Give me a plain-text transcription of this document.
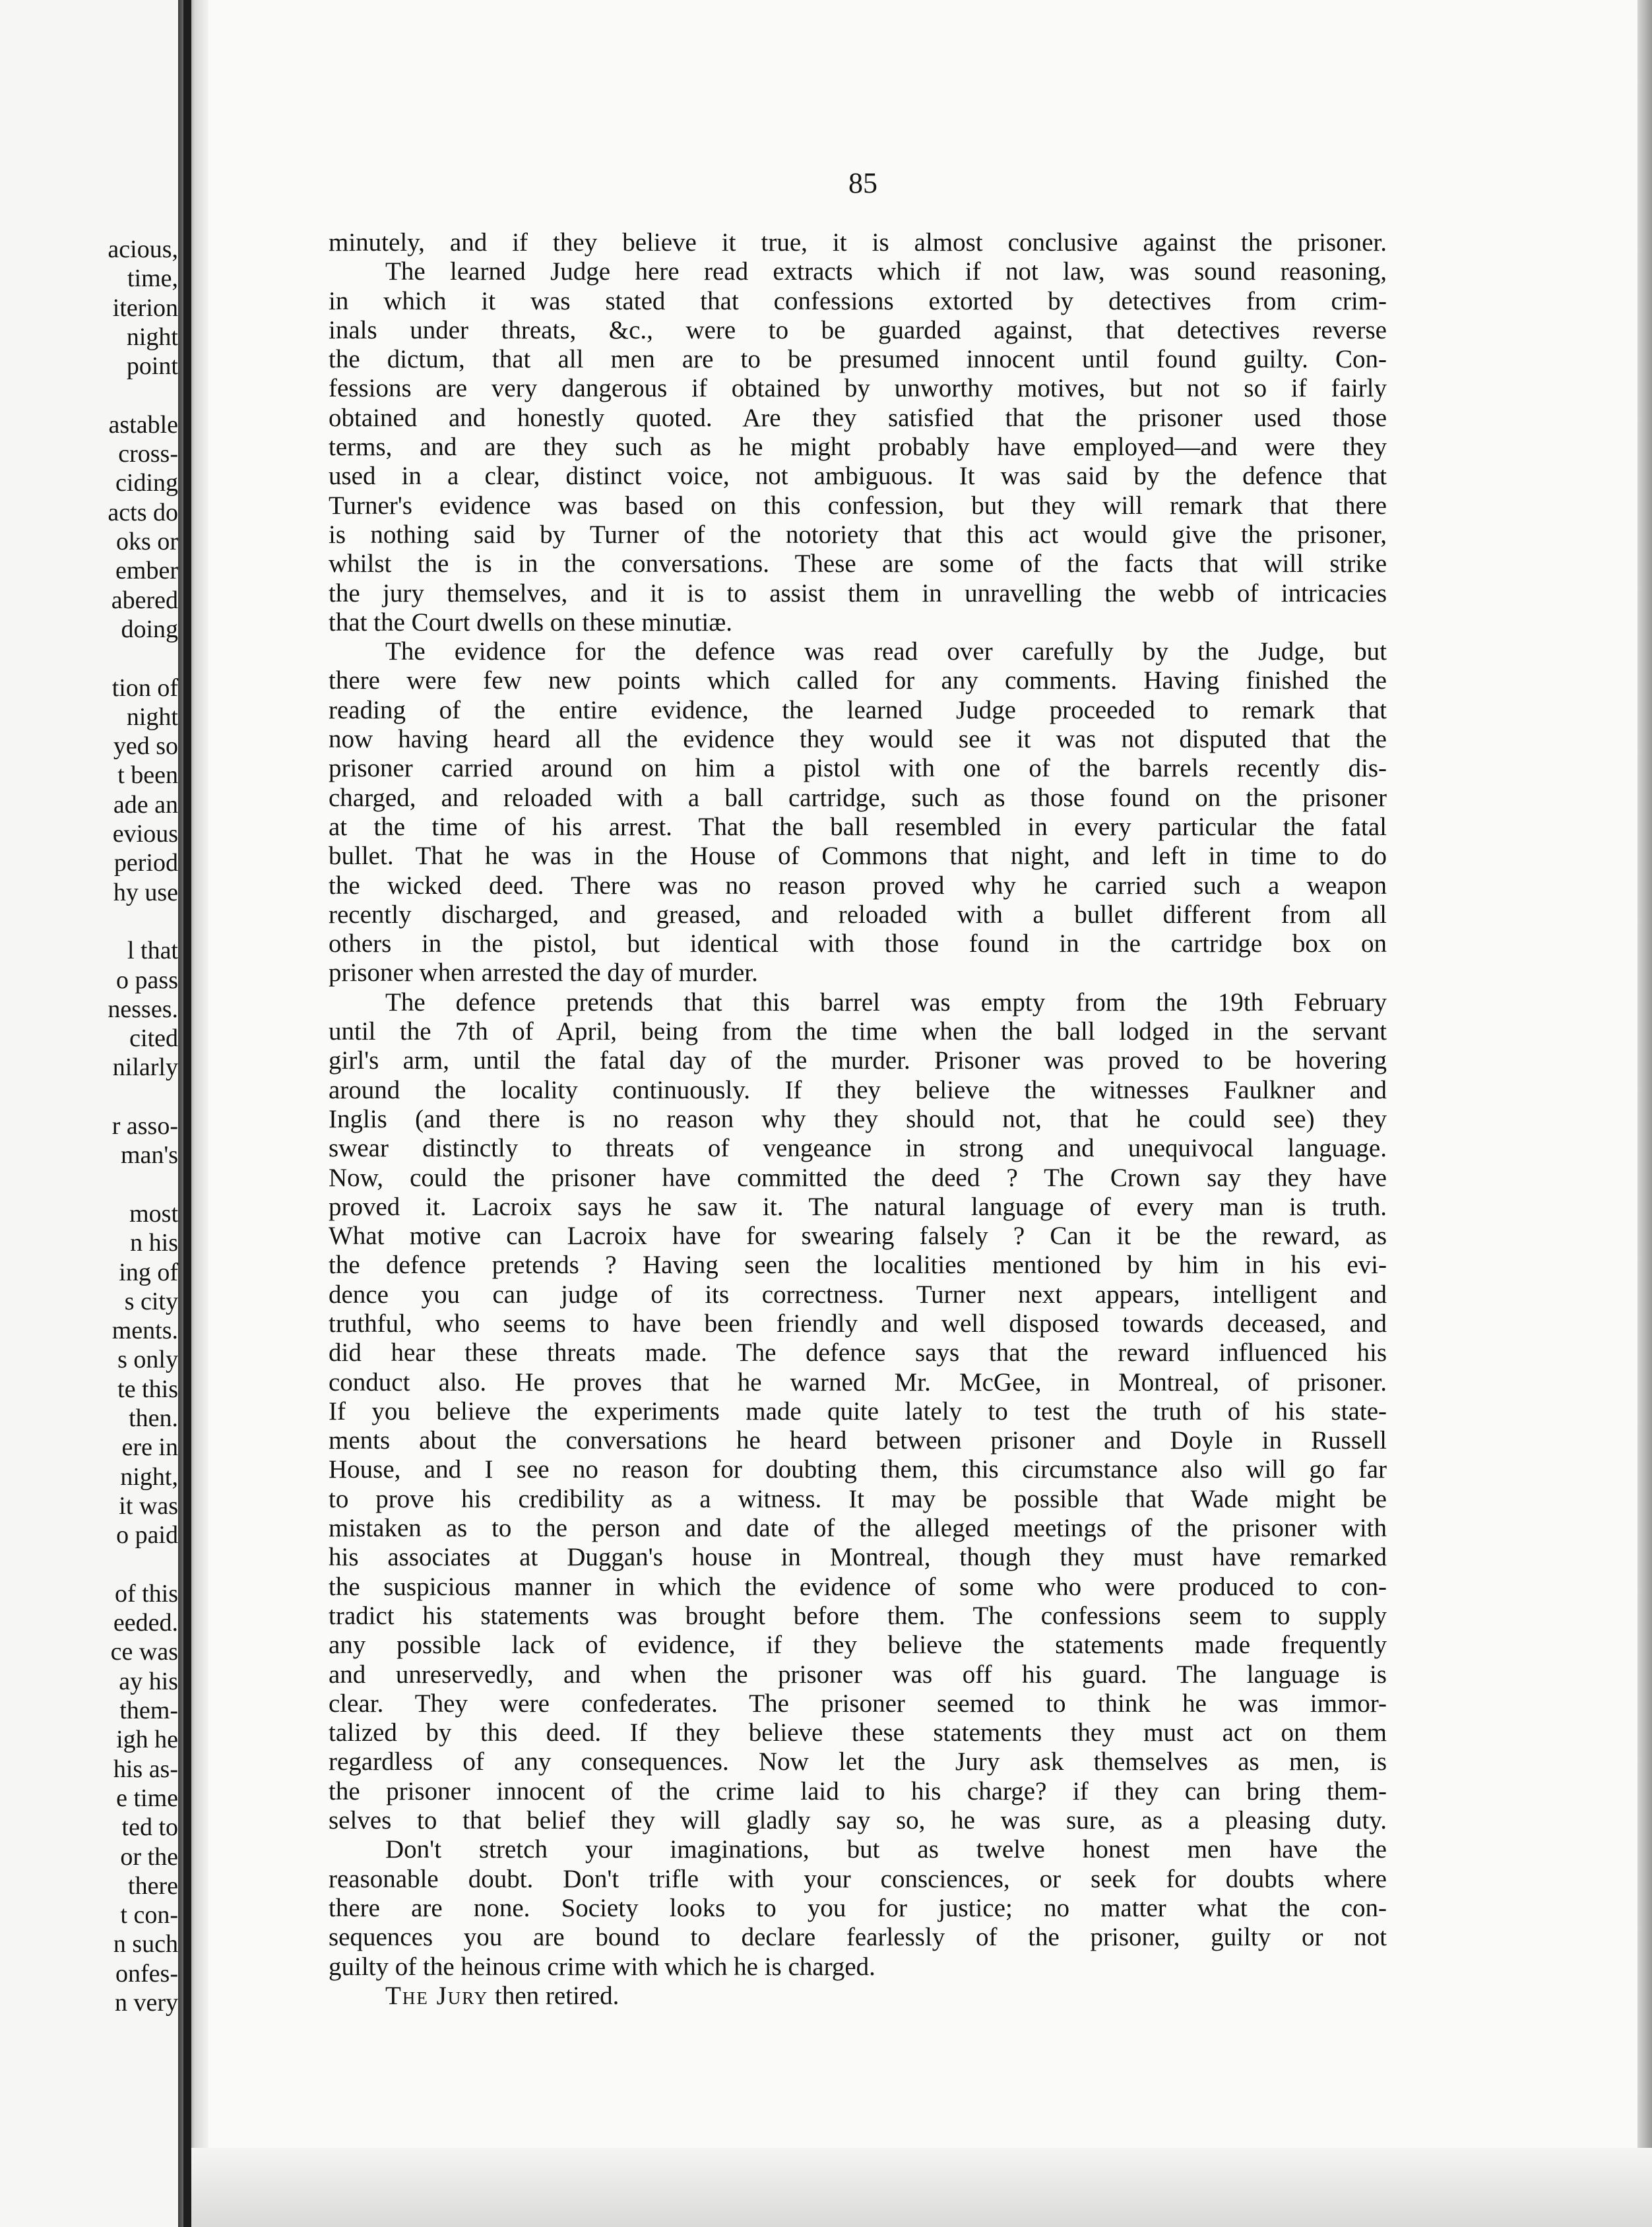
acious,
time,
iterion
night
point
astable
cross-
ciding
acts do
oks or
ember
abered
doing
tion of
night
yed so
t been
ade an
evious
period
hy use
l that
o pass
nesses.
cited
nilarly
r asso-
man's
most
n his
ing of
s city
ments.
s only
te this
then.
ere in
night,
it was
o paid
of this
eeded.
ce was
ay his
them-
igh he
his as-
e time
ted to
or the
there
t con-
n such
onfes-
n very
85
minutely, and if they believe it true, it is almost conclusive against the prisoner.
The learned Judge here read extracts which if not law, was sound reasoning,
in which it was stated that confessions extorted by detectives from crim-
inals under threats, &c., were to be guarded against, that detectives reverse
the dictum, that all men are to be presumed innocent until found guilty. Con-
fessions are very dangerous if obtained by unworthy motives, but not so if fairly
obtained and honestly quoted. Are they satisfied that the prisoner used those
terms, and are they such as he might probably have employed—and were they
used in a clear, distinct voice, not ambiguous. It was said by the defence that
Turner's evidence was based on this confession, but they will remark that there
is nothing said by Turner of the notoriety that this act would give the prisoner,
whilst the is in the conversations. These are some of the facts that will strike
the jury themselves, and it is to assist them in unravelling the webb of intricacies
that the Court dwells on these minutiæ.
The evidence for the defence was read over carefully by the Judge, but
there were few new points which called for any comments. Having finished the
reading of the entire evidence, the learned Judge proceeded to remark that
now having heard all the evidence they would see it was not disputed that the
prisoner carried around on him a pistol with one of the barrels recently dis-
charged, and reloaded with a ball cartridge, such as those found on the prisoner
at the time of his arrest. That the ball resembled in every particular the fatal
bullet. That he was in the House of Commons that night, and left in time to do
the wicked deed. There was no reason proved why he carried such a weapon
recently discharged, and greased, and reloaded with a bullet different from all
others in the pistol, but identical with those found in the cartridge box on
prisoner when arrested the day of murder.
The defence pretends that this barrel was empty from the 19th February
until the 7th of April, being from the time when the ball lodged in the servant
girl's arm, until the fatal day of the murder. Prisoner was proved to be hovering
around the locality continuously. If they believe the witnesses Faulkner and
Inglis (and there is no reason why they should not, that he could see) they
swear distinctly to threats of vengeance in strong and unequivocal language.
Now, could the prisoner have committed the deed ? The Crown say they have
proved it. Lacroix says he saw it. The natural language of every man is truth.
What motive can Lacroix have for swearing falsely ? Can it be the reward, as
the defence pretends ? Having seen the localities mentioned by him in his evi-
dence you can judge of its correctness. Turner next appears, intelligent and
truthful, who seems to have been friendly and well disposed towards deceased, and
did hear these threats made. The defence says that the reward influenced his
conduct also. He proves that he warned Mr. McGee, in Montreal, of prisoner.
If you believe the experiments made quite lately to test the truth of his state-
ments about the conversations he heard between prisoner and Doyle in Russell
House, and I see no reason for doubting them, this circumstance also will go far
to prove his credibility as a witness. It may be possible that Wade might be
mistaken as to the person and date of the alleged meetings of the prisoner with
his associates at Duggan's house in Montreal, though they must have remarked
the suspicious manner in which the evidence of some who were produced to con-
tradict his statements was brought before them. The confessions seem to supply
any possible lack of evidence, if they believe the statements made frequently
and unreservedly, and when the prisoner was off his guard. The language is
clear. They were confederates. The prisoner seemed to think he was immor-
talized by this deed. If they believe these statements they must act on them
regardless of any consequences. Now let the Jury ask themselves as men, is
the prisoner innocent of the crime laid to his charge? if they can bring them-
selves to that belief they will gladly say so, he was sure, as a pleasing duty.
Don't stretch your imaginations, but as twelve honest men have the
reasonable doubt. Don't trifle with your consciences, or seek for doubts where
there are none. Society looks to you for justice; no matter what the con-
sequences you are bound to declare fearlessly of the prisoner, guilty or not
guilty of the heinous crime with which he is charged.
The Jury then retired.
